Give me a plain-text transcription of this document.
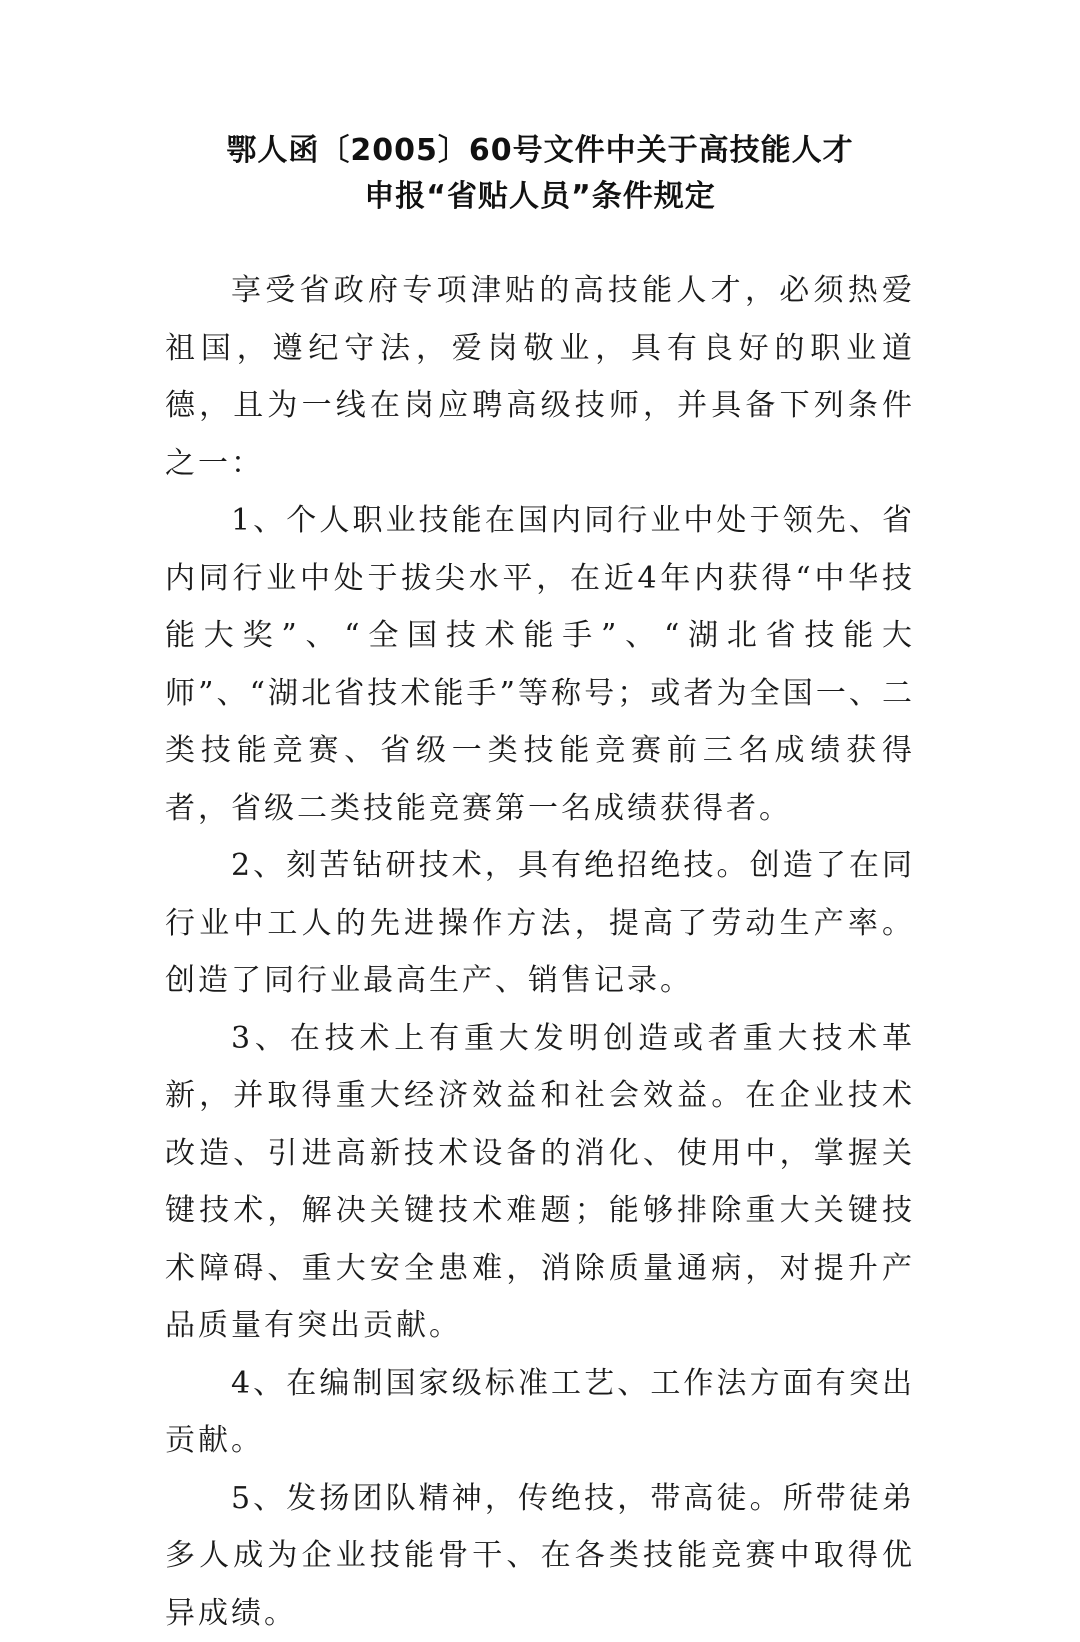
鄂人函〔2005〕60号文件中关于高技能人才
申报“省贴人员”条件规定

享受省政府专项津贴的高技能人才，必须热爱祖国，遵纪守法，爱岗敬业，具有良好的职业道德，且为一线在岗应聘高级技师，并具备下列条件之一：

1、个人职业技能在国内同行业中处于领先、省内同行业中处于拔尖水平，在近4年内获得“中华技能大奖”、“全国技术能手”、“湖北省技能大师”、“湖北省技术能手”等称号；或者为全国一、二类技能竞赛、省级一类技能竞赛前三名成绩获得者，省级二类技能竞赛第一名成绩获得者。

2、刻苦钻研技术，具有绝招绝技。创造了在同行业中工人的先进操作方法，提高了劳动生产率。创造了同行业最高生产、销售记录。

3、在技术上有重大发明创造或者重大技术革新，并取得重大经济效益和社会效益。在企业技术改造、引进高新技术设备的消化、使用中，掌握关键技术，解决关键技术难题；能够排除重大关键技术障碍、重大安全患难，消除质量通病，对提升产品质量有突出贡献。

4、在编制国家级标准工艺、工作法方面有突出贡献。

5、发扬团队精神，传绝技，带高徒。所带徒弟多人成为企业技能骨干、在各类技能竞赛中取得优异成绩。
